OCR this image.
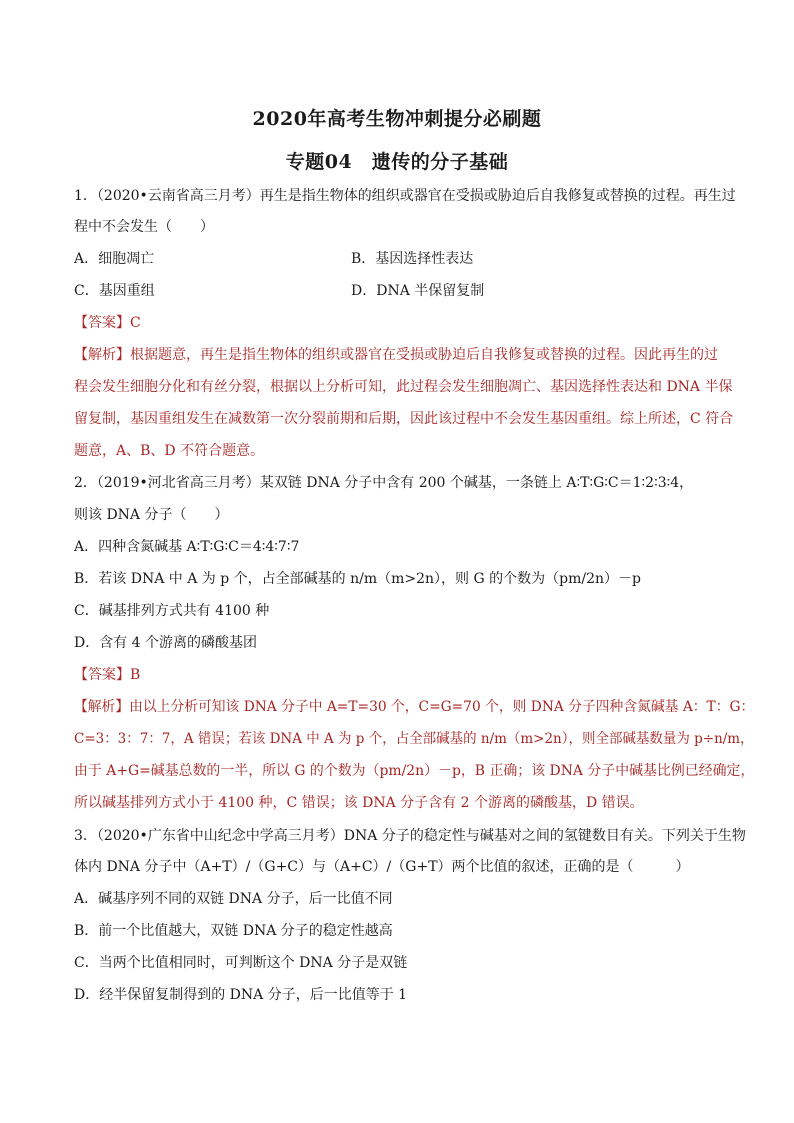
2020年高考生物冲刺提分必刷题
专题04　遗传的分子基础
1．（2020•云南省高三月考）再生是指生物体的组织或器官在受损或胁迫后自我修复或替换的过程。再生过
程中不会发生（　　）
A．细胞凋亡	B．基因选择性表达
C．基因重组	D．DNA 半保留复制
【答案】C
【解析】根据题意，再生是指生物体的组织或器官在受损或胁迫后自我修复或替换的过程。因此再生的过
程会发生细胞分化和有丝分裂，根据以上分析可知，此过程会发生细胞凋亡、基因选择性表达和 DNA 半保
留复制，基因重组发生在减数第一次分裂前期和后期，因此该过程中不会发生基因重组。综上所述，C 符合
题意，A、B、D 不符合题意。
2．（2019•河北省高三月考）某双链 DNA 分子中含有 200 个碱基，一条链上 A∶T∶G∶C＝1∶2∶3∶4，
则该 DNA 分子（　　）
A．四种含氮碱基 A∶T∶G∶C＝4∶4∶7∶7
B．若该 DNA 中 A 为 p 个，占全部碱基的 n/m（m>2n），则 G 的个数为（pm/2n）－p
C．碱基排列方式共有 4100 种
D．含有 4 个游离的磷酸基团
【答案】B
【解析】由以上分析可知该 DNA 分子中 A=T=30 个，C=G=70 个，则 DNA 分子四种含氮碱基 A：T：G：
C=3：3：7：7，A 错误；若该 DNA 中 A 为 p 个，占全部碱基的 n/m（m>2n），则全部碱基数量为 p÷n/m，
由于 A+G=碱基总数的一半，所以 G 的个数为（pm/2n）－p，B 正确；该 DNA 分子中碱基比例已经确定，
所以碱基排列方式小于 4100 种，C 错误；该 DNA 分子含有 2 个游离的磷酸基，D 错误。
3．（2020•广东省中山纪念中学高三月考）DNA 分子的稳定性与碱基对之间的氢键数目有关。下列关于生物
体内 DNA 分子中（A+T）/（G+C）与（A+C）/（G+T）两个比值的叙述，正确的是（　　　）
A．碱基序列不同的双链 DNA 分子，后一比值不同
B．前一个比值越大，双链 DNA 分子的稳定性越高
C．当两个比值相同时，可判断这个 DNA 分子是双链
D．经半保留复制得到的 DNA 分子，后一比值等于 1
